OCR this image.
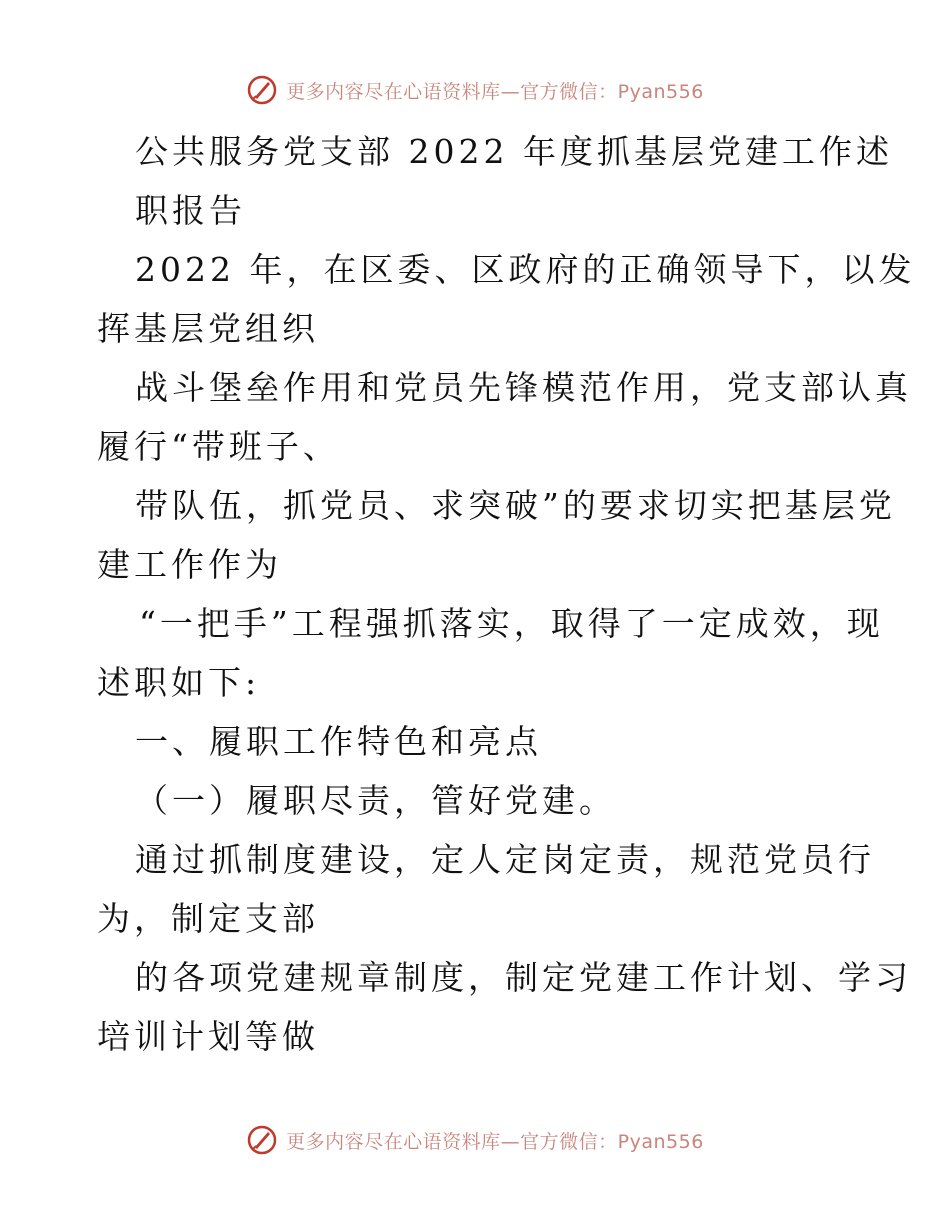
更多内容尽在心语资料库—官方微信：Pyan556
公共服务党支部 2022 年度抓基层党建工作述
职报告
2022 年，在区委、区政府的正确领导下，以发
挥基层党组织
战斗堡垒作用和党员先锋模范作用，党支部认真
履行“带班子、
带队伍，抓党员、求突破”的要求切实把基层党
建工作作为
“一把手”工程强抓落实，取得了一定成效，现
述职如下:
一、履职工作特色和亮点
（一）履职尽责，管好党建。
通过抓制度建设，定人定岗定责，规范党员行
为，制定支部
的各项党建规章制度，制定党建工作计划、学习
培训计划等做
更多内容尽在心语资料库—官方微信：Pyan556
